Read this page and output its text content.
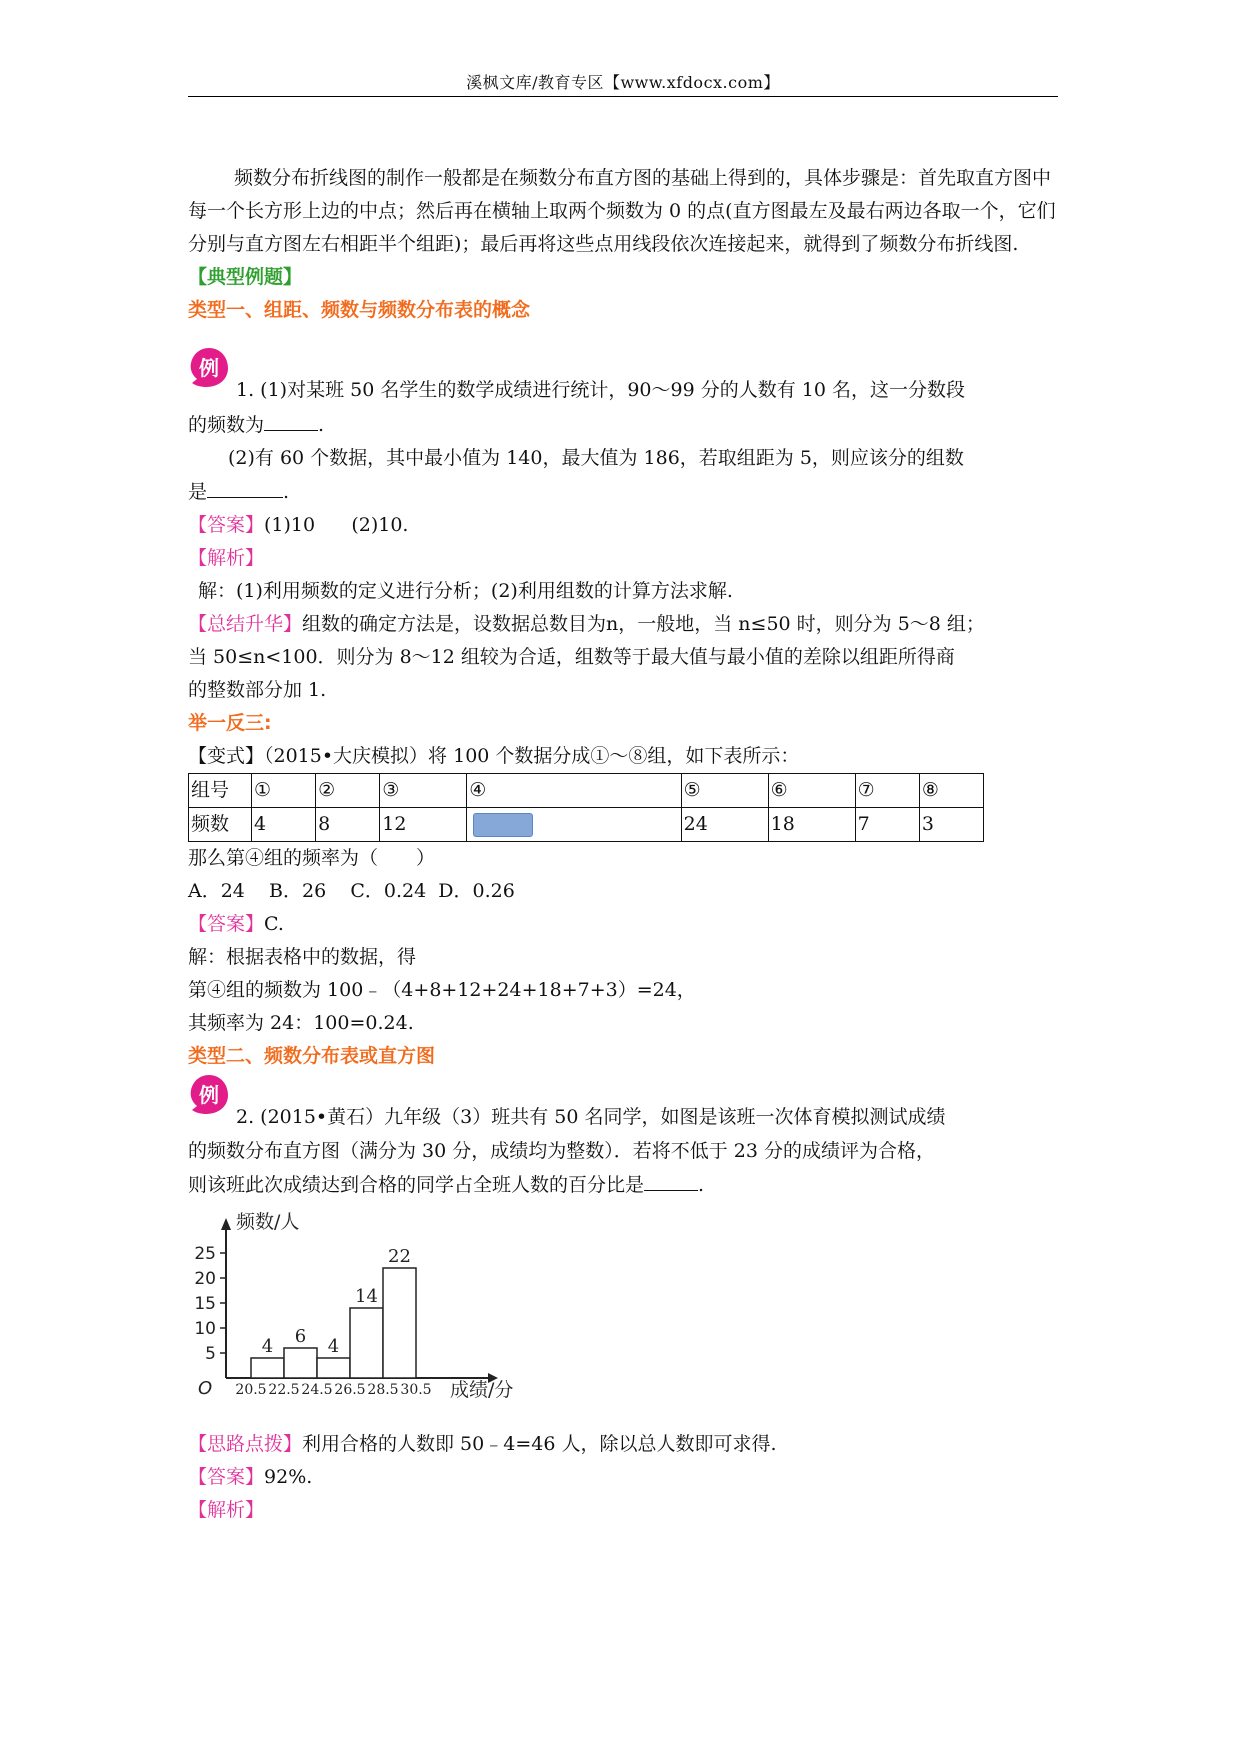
溪枫文库/教育专区【www.xfdocx.com】

频数分布折线图的制作一般都是在频数分布直方图的基础上得到的，具体步骤是：首先取直方图中每一个长方形上边的中点；然后再在横轴上取两个频数为 0 的点(直方图最左及最右两边各取一个，它们分别与直方图左右相距半个组距)；最后再将这些点用线段依次连接起来，就得到了频数分布折线图.

【典型例题】

类型一、组距、频数与频数分布表的概念

例

1. (1)对某班 50 名学生的数学成绩进行统计，90～99 分的人数有 10 名，这一分数段

的频数为	.

(2)有 60 个数据，其中最小值为 140，最大值为 186，若取组距为 5，则应该分的组数

是	.

【答案】(1)10      (2)10.

【解析】

解：(1)利用频数的定义进行分析；(2)利用组数的计算方法求解.

【总结升华】组数的确定方法是，设数据总数目为n，一般地，当 n≤50 时，则分为 5～8 组；

当 50≤n<100．则分为 8～12 组较为合适，组数等于最大值与最小值的差除以组距所得商

的整数部分加 1.

举一反三:

【变式】（2015•大庆模拟）将 100 个数据分成①～⑧组，如下表所示：

组号	①	②	③	④	⑤	⑥	⑦	⑧
频数	4	8	12		24	18	7	3

那么第④组的频率为（　　）

A．24    B．26    C．0.24  D．0.26

【答案】C.

解：根据表格中的数据，得

第④组的频数为 100﹣（4+8+12+24+18+7+3）=24，

其频率为 24：100=0.24.

类型二、频数分布表或直方图

例

2. (2015•黄石）九年级（3）班共有 50 名同学，如图是该班一次体育模拟测试成绩

的频数分布直方图（满分为 30 分，成绩均为整数）．若将不低于 23 分的成绩评为合格，

则该班此次成绩达到合格的同学占全班人数的百分比是	.

频数/人
O
5
10
15
20
25
4 6 4
14
22
20.5 22.5 24.5 26.5 28.5 30.5 成绩/分

【思路点拨】利用合格的人数即 50﹣4=46 人，除以总人数即可求得.

【答案】92%.

【解析】
